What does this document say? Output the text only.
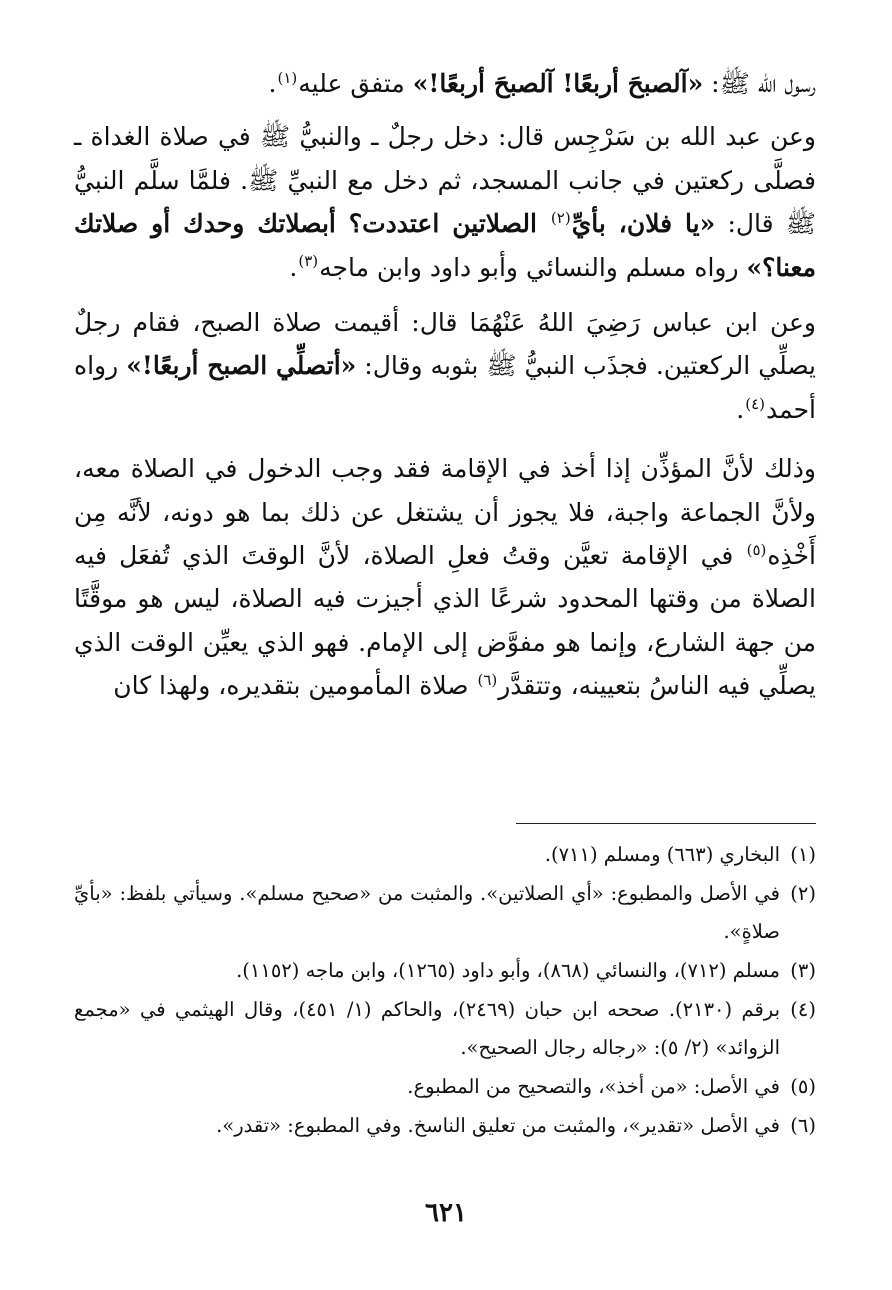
رسول الله ﷺ: «آلصبحَ أربعًا! آلصبحَ أربعًا!» متفق عليه$^{(١)}$.

وعن عبد الله بن سَرْجِس قال: دخل رجلٌ ـ والنبيُّ ﷺ في صلاة الغداة ـ فصلَّى ركعتين في جانب المسجد، ثم دخل مع النبيِّ ﷺ. فلمَّا سلَّم النبيُّ ﷺ قال: «يا فلان، بأيِّ$^{(٢)}$ الصلاتين اعتددت؟ أبصلاتك وحدك أو صلاتك معنا؟» رواه مسلم والنسائي وأبو داود وابن ماجه$^{(٣)}$.

وعن ابن عباس رَضِيَ اللهُ عَنْهُمَا قال: أقيمت صلاة الصبح، فقام رجلٌ يصلِّي الركعتين. فجذَب النبيُّ ﷺ بثوبه وقال: «أتصلِّي الصبح أربعًا!» رواه أحمد$^{(٤)}$.

وذلك لأنَّ المؤذِّن إذا أخذ في الإقامة فقد وجب الدخول في الصلاة معه، ولأنَّ الجماعة واجبة، فلا يجوز أن يشتغل عن ذلك بما هو دونه، لأنَّه مِن أَخْذِه$^{(٥)}$ في الإقامة تعيَّن وقتُ فعلِ الصلاة، لأنَّ الوقتَ الذي تُفعَل فيه الصلاة من وقتها المحدود شرعًا الذي أجيزت فيه الصلاة، ليس هو موقَّتًا من جهة الشارع، وإنما هو مفوَّض إلى الإمام. فهو الذي يعيِّن الوقت الذي يصلِّي فيه الناسُ بتعيينه، وتتقدَّر$^{(٦)}$ صلاة المأمومين بتقديره، ولهذا كان

(١)
البخاري (٦٦٣) ومسلم (٧١١).
(٢)
في الأصل والمطبوع: «أي الصلاتين». والمثبت من «صحيح مسلم». وسيأتي بلفظ: «بأيِّ صلاةٍ».
(٣)
مسلم (٧١٢)، والنسائي (٨٦٨)، وأبو داود (١٢٦٥)، وابن ماجه (١١٥٢).
(٤)
برقم (٢١٣٠). صححه ابن حبان (٢٤٦٩)، والحاكم (١/ ٤٥١)، وقال الهيثمي في «مجمع الزوائد» (٢/ ٥): «رجاله رجال الصحيح».
(٥)
في الأصل: «من أخذ»، والتصحيح من المطبوع.
(٦)
في الأصل «تقدير»، والمثبت من تعليق الناسخ. وفي المطبوع: «تقدر».
٦٢١
